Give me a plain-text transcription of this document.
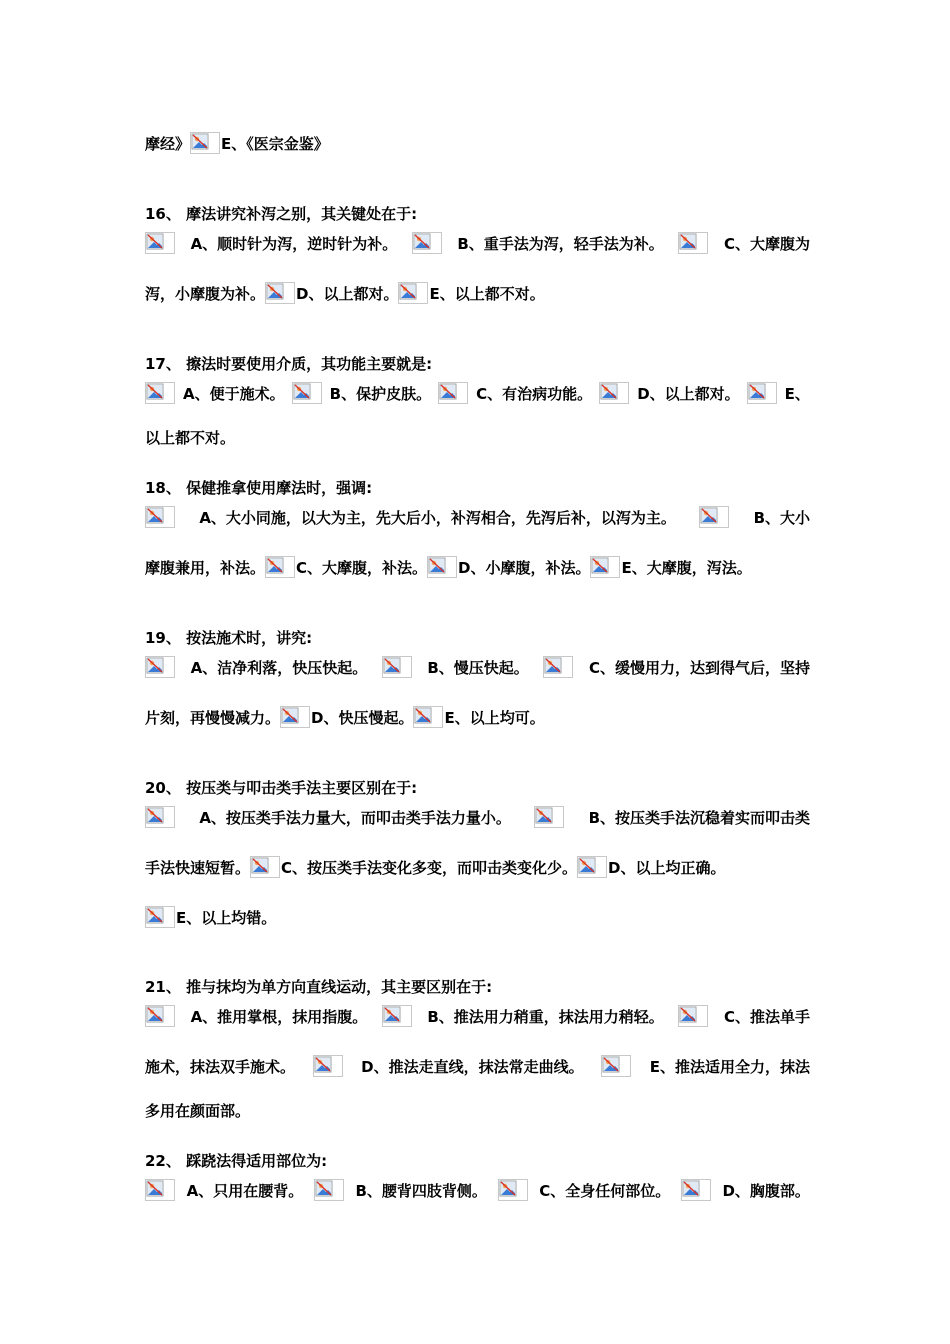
摩经》 E、《医宗金鉴》
16、 摩法讲究补泻之别，其关键处在于:
A、顺时针为泻，逆时针为补。	B、重手法为泻，轻手法为补。	C、大摩腹为
泻，小摩腹为补。 D、以上都对。 E、以上都不对。
17、 擦法时要使用介质，其功能主要就是:
A、便于施术。	B、保护皮肤。	C、有治病功能。	D、以上都对。	E、
以上都不对。
18、 保健推拿使用摩法时，强调:
A、大小同施，以大为主，先大后小，补泻相合，先泻后补，以泻为主。	B、大小
摩腹兼用，补法。 C、大摩腹，补法。 D、小摩腹，补法。 E、大摩腹，泻法。
19、 按法施术时，讲究:
A、洁净利落，快压快起。	B、慢压快起。	C、缓慢用力，达到得气后，坚持
片刻，再慢慢减力。 D、快压慢起。 E、以上均可。
20、 按压类与叩击类手法主要区别在于:
A、按压类手法力量大，而叩击类手法力量小。	B、按压类手法沉稳着实而叩击类
手法快速短暂。 C、按压类手法变化多变，而叩击类变化少。 D、以上均正确。
E、以上均错。
21、 推与抹均为单方向直线运动，其主要区别在于:
A、推用掌根，抹用指腹。	B、推法用力稍重，抹法用力稍轻。	C、推法单手
施术，抹法双手施术。	D、推法走直线，抹法常走曲线。	E、推法适用全力，抹法
多用在颜面部。
22、 踩跷法得适用部位为:
A、只用在腰背。	B、腰背四肢背侧。	C、全身任何部位。	D、胸腹部。
